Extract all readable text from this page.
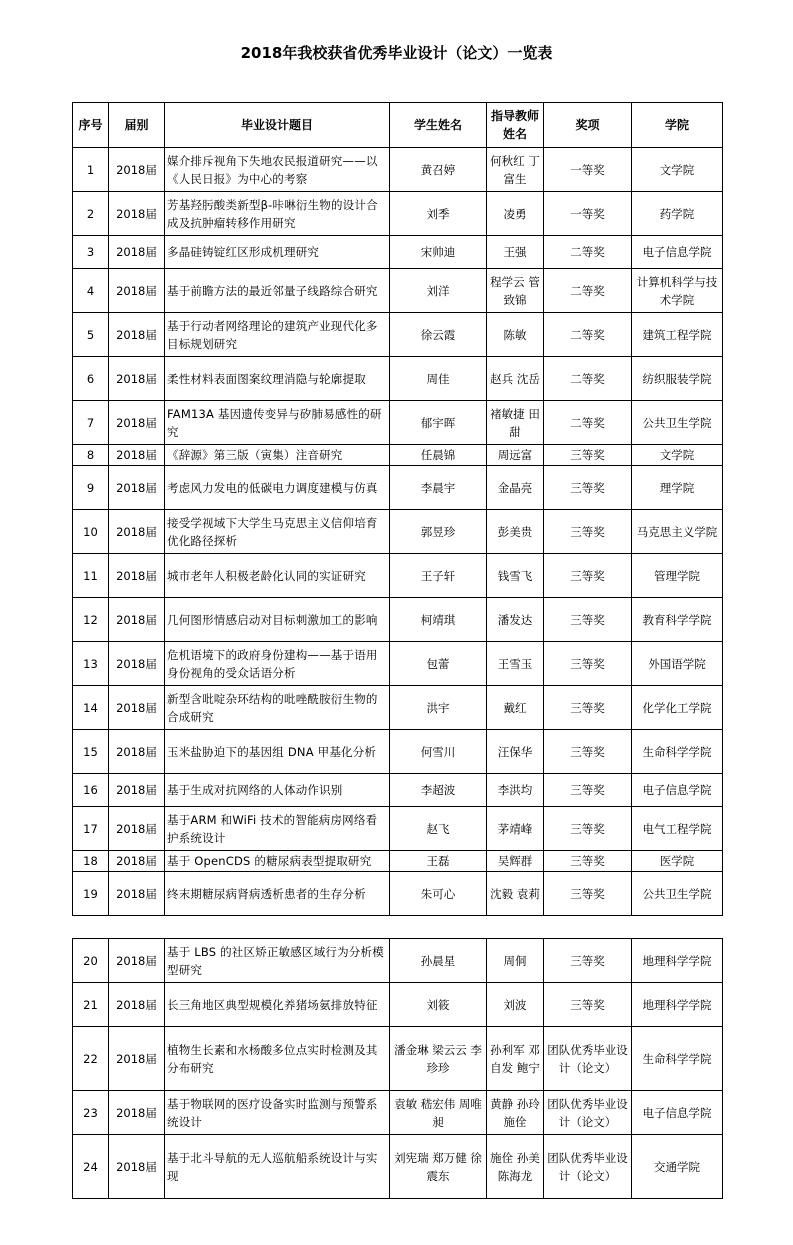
2018年我校获省优秀毕业设计（论文）一览表
序号	届别	毕业设计题目	学生姓名	指导教师姓名	奖项	学院
1	2018届	媒介排斥视角下失地农民报道研究——以《人民日报》为中心的考察	黄召婷	何秋红 丁富生	一等奖	文学院
2	2018届	芳基羟肟酸类新型β-咔啉衍生物的设计合成及抗肿瘤转移作用研究	刘季	凌勇	一等奖	药学院
3	2018届	多晶硅铸锭红区形成机理研究	宋帅迪	王强	二等奖	电子信息学院
4	2018届	基于前瞻方法的最近邻量子线路综合研究	刘洋	程学云 管致锦	二等奖	计算机科学与技术学院
5	2018届	基于行动者网络理论的建筑产业现代化多目标规划研究	徐云霞	陈敏	二等奖	建筑工程学院
6	2018届	柔性材料表面图案纹理消隐与轮廓提取	周佳	赵兵 沈岳	二等奖	纺织服装学院
7	2018届	FAM13A 基因遗传变异与矽肺易感性的研究	郁宇晖	褚敏捷 田甜	二等奖	公共卫生学院
8	2018届	《辞源》第三版（寅集）注音研究	任晨锦	周远富	三等奖	文学院
9	2018届	考虑风力发电的低碳电力调度建模与仿真	李晨宇	金晶亮	三等奖	理学院
10	2018届	接受学视域下大学生马克思主义信仰培育优化路径探析	郭昱珍	彭美贵	三等奖	马克思主义学院
11	2018届	城市老年人积极老龄化认同的实证研究	王子轩	钱雪飞	三等奖	管理学院
12	2018届	几何图形情感启动对目标刺激加工的影响	柯靖琪	潘发达	三等奖	教育科学学院
13	2018届	危机语境下的政府身份建构——基于语用身份视角的受众话语分析	包蕾	王雪玉	三等奖	外国语学院
14	2018届	新型含吡啶杂环结构的吡唑酰胺衍生物的合成研究	洪宇	戴红	三等奖	化学化工学院
15	2018届	玉米盐胁迫下的基因组 DNA 甲基化分析	何雪川	汪保华	三等奖	生命科学学院
16	2018届	基于生成对抗网络的人体动作识别	李超波	李洪均	三等奖	电子信息学院
17	2018届	基于ARM 和WiFi 技术的智能病房网络看护系统设计	赵飞	茅靖峰	三等奖	电气工程学院
18	2018届	基于 OpenCDS 的糖尿病表型提取研究	王磊	吴辉群	三等奖	医学院
19	2018届	终末期糖尿病肾病透析患者的生存分析	朱可心	沈毅 袁莉	三等奖	公共卫生学院
20	2018届	基于 LBS 的社区矫正敏感区域行为分析模型研究	孙晨星	周侗	三等奖	地理科学学院
21	2018届	长三角地区典型规模化养猪场氨排放特征	刘筱	刘波	三等奖	地理科学学院
22	2018届	植物生长素和水杨酸多位点实时检测及其分布研究	潘金琳 梁云云 李珍珍	孙利军 邓自发 鲍宁	团队优秀毕业设计（论文）	生命科学学院
23	2018届	基于物联网的医疗设备实时监测与预警系统设计	袁敏 嵇宏伟 周唯昶	黄静 孙玲 施佺	团队优秀毕业设计（论文）	电子信息学院
24	2018届	基于北斗导航的无人巡航船系统设计与实现	刘宪瑞 郑万健 徐震东	施佺 孙美 陈海龙	团队优秀毕业设计（论文）	交通学院
